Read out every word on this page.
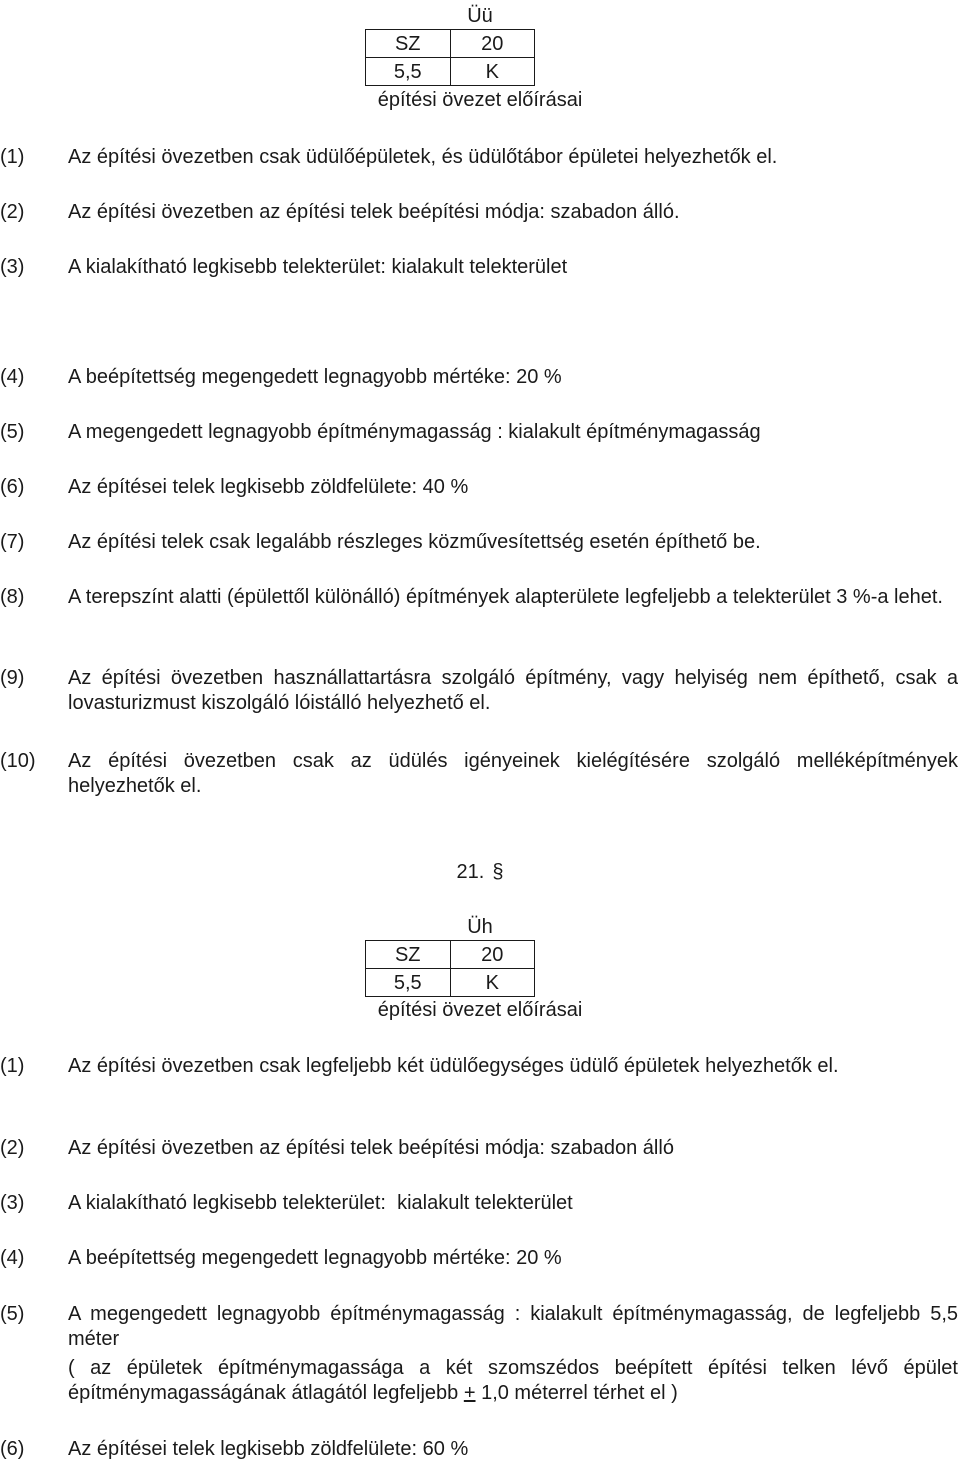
Üü
SZ	20
5,5	K
építési övezet előírásai
(1) Az építési övezetben csak üdülőépületek, és üdülőtábor épületei helyezhetők el.
(2) Az építési övezetben az építési telek beépítési módja: szabadon álló.
(3) A kialakítható legkisebb telekterület: kialakult telekterület
(4) A beépítettség megengedett legnagyobb mértéke: 20 %
(5) A megengedett legnagyobb építménymagasság : kialakult építménymagasság
(6) Az építései telek legkisebb zöldfelülete: 40 %
(7) Az építési telek csak legalább részleges közművesítettség esetén építhető be.
(8) A terepszínt alatti (épülettől különálló) építmények alapterülete legfeljebb a telekterület 3 %-a lehet.
(9) Az építési övezetben használlattartásra szolgáló építmény, vagy helyiség nem építhető, csak a lovasturizmust kiszolgáló lóistálló helyezhető el.
(10) Az építési övezetben csak az üdülés igényeinek kielégítésére szolgáló melléképítmények helyezhetők el.
21. §
Üh
SZ	20
5,5	K
építési övezet előírásai
(1) Az építési övezetben csak legfeljebb két üdülőegységes üdülő épületek helyezhetők el.
(2) Az építési övezetben az építési telek beépítési módja: szabadon álló
(3) A kialakítható legkisebb telekterület:  kialakult telekterület
(4) A beépítettség megengedett legnagyobb mértéke: 20 %
(5) A megengedett legnagyobb építménymagasság : kialakult építménymagasság, de legfeljebb 5,5 méter
( az épületek építménymagassága a két szomszédos beépített építési telken lévő épület építménymagasságának átlagától legfeljebb + 1,0 méterrel térhet el )
(6) Az építései telek legkisebb zöldfelülete: 60 %
